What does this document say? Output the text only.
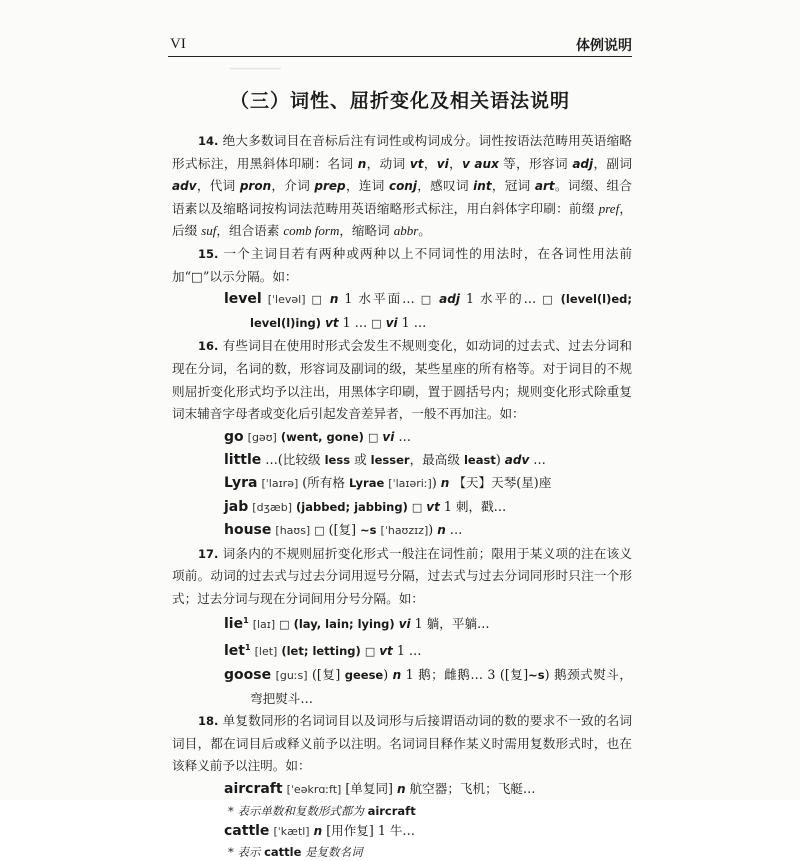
▔▔▔▔▔▔
VI	体例说明
（三）词性、屈折变化及相关语法说明

14. 绝大多数词目在音标后注有词性或构词成分。词性按语法范畴用英语缩略形式标注，用黑斜体印刷：名词 n，动词 vt，vi，v aux 等，形容词 adj，副词 adv，代词 pron，介词 prep，连词 conj，感叹词 int，冠词 art。词缀、组合语素以及缩略词按构词法范畴用英语缩略形式标注，用白斜体字印刷：前缀 pref，后缀 suf，组合语素 comb form，缩略词 abbr。

15. 一个主词目若有两种或两种以上不同词性的用法时，在各词性用法前加“□”以示分隔。如：

level [ˈlevəl] □ n 1 水平面… □ adj 1 水平的… □ (level(l)ed; level(l)ing) vt 1 … □ vi 1 …

16. 有些词目在使用时形式会发生不规则变化，如动词的过去式、过去分词和现在分词，名词的数，形容词及副词的级，某些星座的所有格等。对于词目的不规则屈折变化形式均予以注出，用黑体字印刷，置于圆括号内；规则变化形式除重复词末辅音字母者或变化后引起发音差异者，一般不再加注。如：

go [gəʊ] (went, gone) □ vi …

little …(比较级 less 或 lesser，最高级 least) adv …

Lyra [ˈlaɪrə] (所有格 Lyrae [ˈlaɪəriː]) n 【天】天琴(星)座

jab [dʒæb] (jabbed; jabbing) □ vt 1 刺，戳…

house [haʊs] □ ([复] ~s [ˈhaʊzɪz]) n …

17. 词条内的不规则屈折变化形式一般注在词性前；限用于某义项的注在该义项前。动词的过去式与过去分词用逗号分隔，过去式与过去分词同形时只注一个形式；过去分词与现在分词间用分号分隔。如：

lie$^1$ [laɪ] □ (lay, lain; lying) vi 1 躺，平躺…

let$^1$ [let] (let; letting) □ vt 1 …

goose [guːs] ([复] geese) n 1 鹅；雌鹅… 3 ([复]~s) 鹅颈式熨斗，弯把熨斗…

18. 单复数同形的名词词目以及词形与后接谓语动词的数的要求不一致的名词词目，都在词目后或释义前予以注明。名词词目释作某义时需用复数形式时，也在该释义前予以注明。如：

aircraft [ˈeəkrɑːft] [单复同] n 航空器；飞机；飞艇…

* 表示单数和复数形式都为 aircraft

cattle [ˈkætl] n [用作复] 1 牛…

* 表示 cattle 是复数名词
